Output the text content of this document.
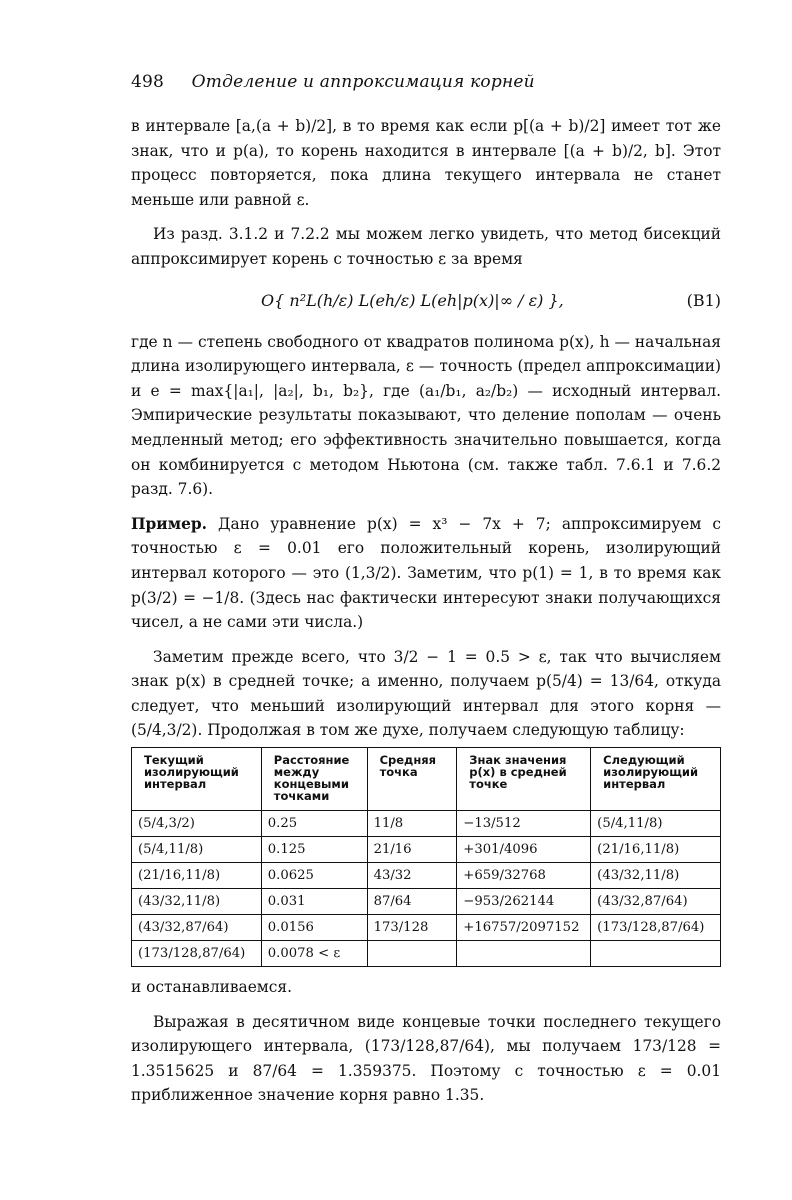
498 Отделение и аппроксимация корней

в интервале [a,(a + b)/2], в то время как если p[(a + b)/2] имеет тот же знак, что и p(a), то корень находится в интервале [(a + b)/2, b]. Этот процесс повторяется, пока длина текущего интервала не станет меньше или равной ε.

Из разд. 3.1.2 и 7.2.2 мы можем легко увидеть, что метод бисекций аппроксимирует корень с точностью ε за время

O{ n²L(h/ε) L(eh/ε) L(eh|p(x)|∞ / ε) },	(B1)

где n — степень свободного от квадратов полинома p(x), h — начальная длина изолирующего интервала, ε — точность (предел аппроксимации) и e = max{|a₁|, |a₂|, b₁, b₂}, где (a₁/b₁, a₂/b₂) — исходный интервал. Эмпирические результаты показывают, что деление пополам — очень медленный метод; его эффективность значительно повышается, когда он комбинируется с методом Ньютона (см. также табл. 7.6.1 и 7.6.2 разд. 7.6).

Пример. Дано уравнение p(x) = x³ − 7x + 7; аппроксимируем с точностью ε = 0.01 его положительный корень, изолирующий интервал которого — это (1,3/2). Заметим, что p(1) = 1, в то время как p(3/2) = −1/8. (Здесь нас фактически интересуют знаки получающихся чисел, а не сами эти числа.)

Заметим прежде всего, что 3/2 − 1 = 0.5 > ε, так что вычисляем знак p(x) в средней точке; а именно, получаем p(5/4) = 13/64, откуда следует, что меньший изолирующий интервал для этого корня — (5/4,3/2). Продолжая в том же духе, получаем следующую таблицу:

Текущий изолирующий интервал	Расстояние между концевыми точками	Средняя точка	Знак значения p(x) в средней точке	Следующий изолирующий интервал
(5/4,3/2)	0.25	11/8	−13/512	(5/4,11/8)
(5/4,11/8)	0.125	21/16	+301/4096	(21/16,11/8)
(21/16,11/8)	0.0625	43/32	+659/32768	(43/32,11/8)
(43/32,11/8)	0.031	87/64	−953/262144	(43/32,87/64)
(43/32,87/64)	0.0156	173/128	+16757/2097152	(173/128,87/64)
(173/128,87/64)	0.0078 < ε			

и останавливаемся.

Выражая в десятичном виде концевые точки последнего текущего изолирующего интервала, (173/128,87/64), мы получаем 173/128 = 1.3515625 и 87/64 = 1.359375. Поэтому с точностью ε = 0.01 приближенное значение корня равно 1.35.
